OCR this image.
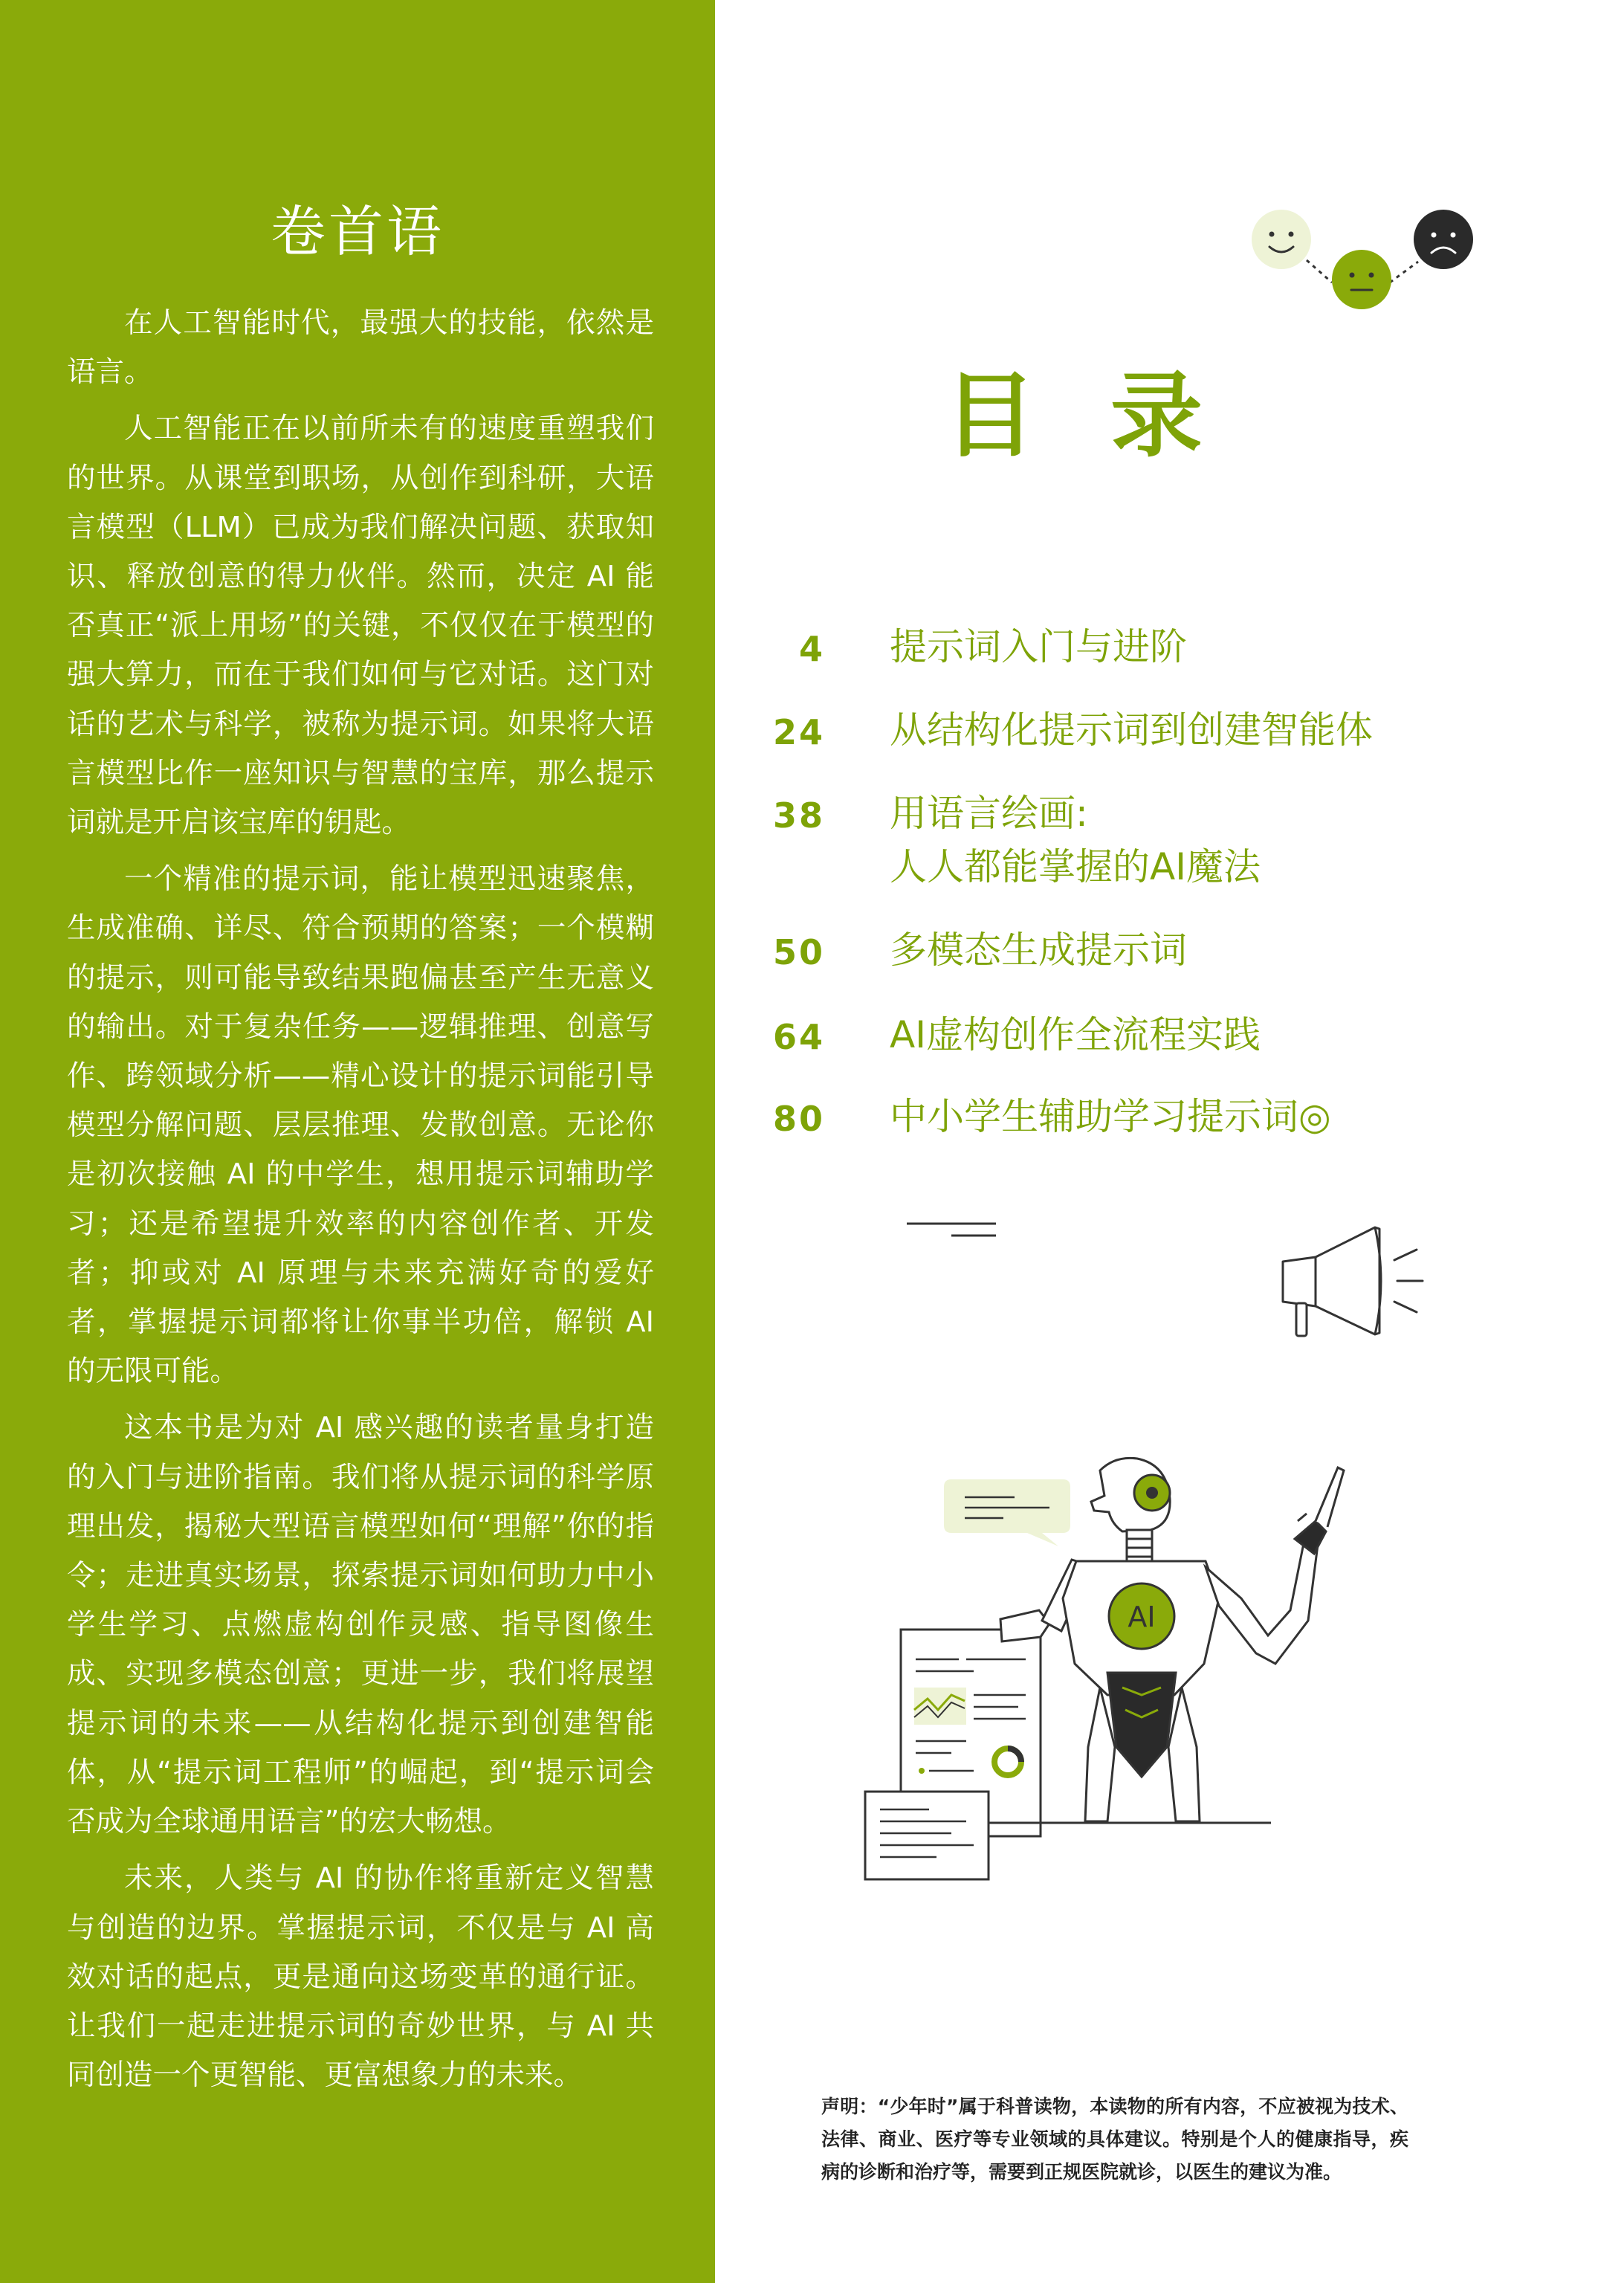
卷首语

在人工智能时代，最强大的技能，依然是语言。

人工智能正在以前所未有的速度重塑我们的世界。从课堂到职场，从创作到科研，大语言模型（LLM）已成为我们解决问题、获取知识、释放创意的得力伙伴。然而，决定 AI 能否真正“派上用场”的关键，不仅仅在于模型的强大算力，而在于我们如何与它对话。这门对话的艺术与科学，被称为提示词。如果将大语言模型比作一座知识与智慧的宝库，那么提示词就是开启该宝库的钥匙。

一个精准的提示词，能让模型迅速聚焦，生成准确、详尽、符合预期的答案；一个模糊的提示，则可能导致结果跑偏甚至产生无意义的输出。对于复杂任务——逻辑推理、创意写作、跨领域分析——精心设计的提示词能引导模型分解问题、层层推理、发散创意。无论你是初次接触 AI 的中学生，想用提示词辅助学习；还是希望提升效率的内容创作者、开发者；抑或对 AI 原理与未来充满好奇的爱好者，掌握提示词都将让你事半功倍，解锁 AI 的无限可能。

这本书是为对 AI 感兴趣的读者量身打造的入门与进阶指南。我们将从提示词的科学原理出发，揭秘大型语言模型如何“理解”你的指令；走进真实场景，探索提示词如何助力中小学生学习、点燃虚构创作灵感、指导图像生成、实现多模态创意；更进一步，我们将展望提示词的未来——从结构化提示到创建智能体，从“提示词工程师”的崛起，到“提示词会否成为全球通用语言”的宏大畅想。

未来，人类与 AI 的协作将重新定义智慧与创造的边界。掌握提示词，不仅是与 AI 高效对话的起点，更是通向这场变革的通行证。让我们一起走进提示词的奇妙世界，与 AI 共同创造一个更智能、更富想象力的未来。

目录
4 提示词入门与进阶
24 从结构化提示词到创建智能体
38 用语言绘画:
人人都能掌握的AI魔法
50 多模态生成提示词
64 AI虚构创作全流程实践
80 中小学生辅助学习提示词◎
AI
声明：“少年时”属于科普读物，本读物的所有内容，不应被视为技术、法律、商业、医疗等专业领域的具体建议。特别是个人的健康指导，疾病的诊断和治疗等，需要到正规医院就诊，以医生的建议为准。
